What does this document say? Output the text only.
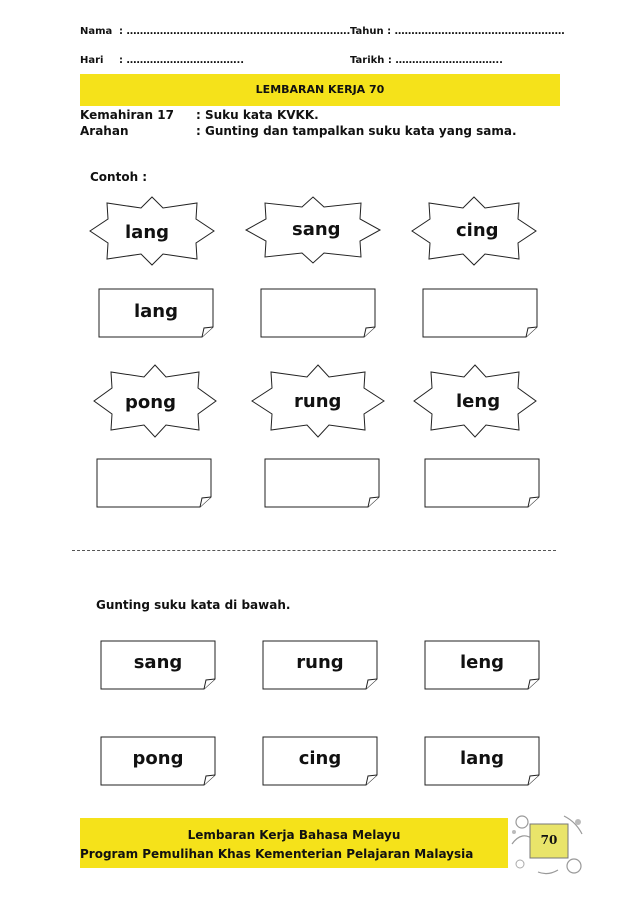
Nama : …………………………………………………………. Tahun : ……………………………………………
Hari : ……………………………..	Tarikh : …………………………..
LEMBARAN KERJA 70
Kemahiran 17 : Suku kata KVKK.
Arahan	: Gunting dan tampalkan suku kata yang sama.
Contoh :
lang	sang	cing
lang
pong	rung	leng
Gunting suku kata di bawah.
sang	rung	leng
pong	cing	lang
Lembaran Kerja Bahasa Melayu
Program Pemulihan Khas Kementerian Pelajaran Malaysia
70
